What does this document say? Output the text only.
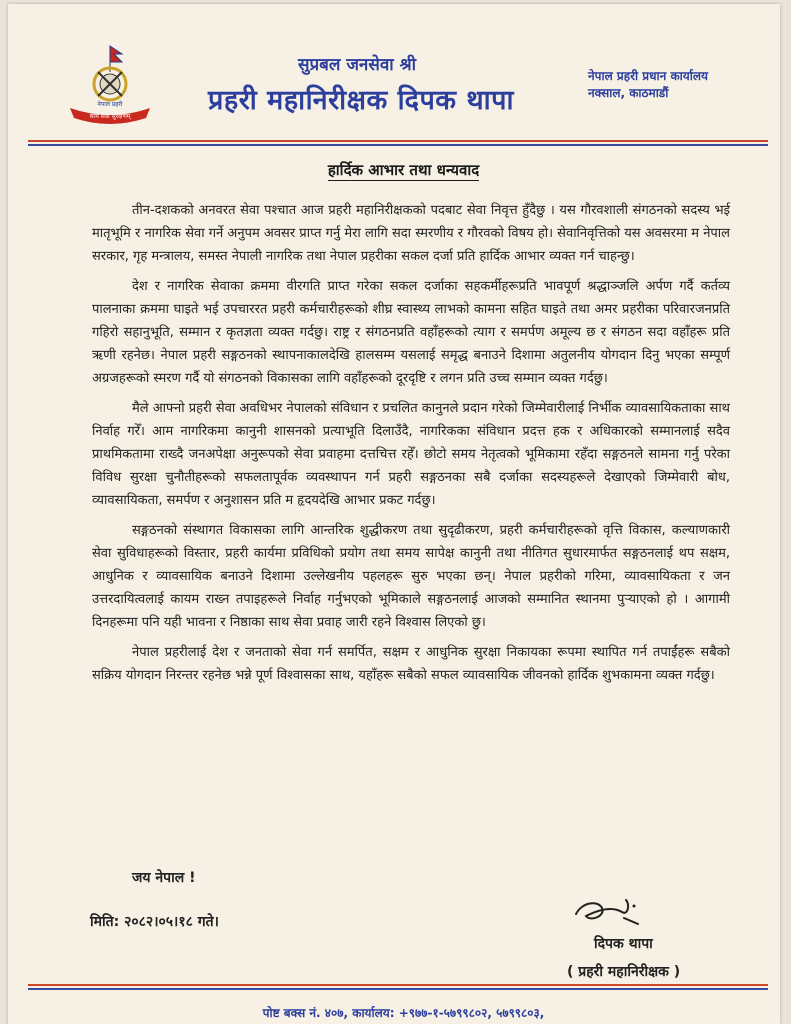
नेपाल प्रहरी
सत्य सेवा सुरक्षणम्
सुप्रबल जनसेवा श्री
प्रहरी महानिरीक्षक दिपक थापा
नेपाल प्रहरी प्रधान कार्यालय
नक्साल, काठमाडौं
हार्दिक आभार तथा धन्यवाद

तीन-दशकको अनवरत सेवा पश्चात आज प्रहरी महानिरीक्षकको पदबाट सेवा निवृत्त हुँदैछु । यस गौरवशाली संगठनको सदस्य भई मातृभूमि र नागरिक सेवा गर्ने अनुपम अवसर प्राप्त गर्नु मेरा लागि सदा स्मरणीय र गौरवको विषय हो। सेवानिवृत्तिको यस अवसरमा म नेपाल सरकार, गृह मन्त्रालय, समस्त नेपाली नागरिक तथा नेपाल प्रहरीका सकल दर्जा प्रति हार्दिक आभार व्यक्त गर्न चाहन्छु।

देश र नागरिक सेवाका क्रममा वीरगति प्राप्त गरेका सकल दर्जाका सहकर्मीहरूप्रति भावपूर्ण श्रद्धाञ्जलि अर्पण गर्दै कर्तव्य पालनाका क्रममा घाइते भई उपचाररत प्रहरी कर्मचारीहरूको शीघ्र स्वास्थ्य लाभको कामना सहित घाइते तथा अमर प्रहरीका परिवारजनप्रति गहिरो सहानुभूति, सम्मान र कृतज्ञता व्यक्त गर्दछु। राष्ट्र र संगठनप्रति वहाँहरूको त्याग र समर्पण अमूल्य छ र संगठन सदा वहाँहरू प्रति ऋणी रहनेछ। नेपाल प्रहरी सङ्गठनको स्थापनाकालदेखि हालसम्म यसलाई समृद्ध बनाउने दिशामा अतुलनीय योगदान दिनु भएका सम्पूर्ण अग्रजहरूको स्मरण गर्दै यो संगठनको विकासका लागि वहाँहरूको दूरदृष्टि र लगन प्रति उच्च सम्मान व्यक्त गर्दछु।

मैले आफ्नो प्रहरी सेवा अवधिभर नेपालको संविधान र प्रचलित कानुनले प्रदान गरेको जिम्मेवारीलाई निर्भीक व्यावसायिकताका साथ निर्वाह गरेँ। आम नागरिकमा कानुनी शासनको प्रत्याभूति दिलाउँदै, नागरिकका संविधान प्रदत्त हक र अधिकारको सम्मानलाई सदैव प्राथमिकतामा राख्दै जनअपेक्षा अनुरूपको सेवा प्रवाहमा दत्तचित्त रहेँ। छोटो समय नेतृत्वको भूमिकामा रहँदा सङ्गठनले सामना गर्नु परेका विविध सुरक्षा चुनौतीहरूको सफलतापूर्वक व्यवस्थापन गर्न प्रहरी सङ्गठनका सबै दर्जाका सदस्यहरूले देखाएको जिम्मेवारी बोध, व्यावसायिकता, समर्पण र अनुशासन प्रति म हृदयदेखि आभार प्रकट गर्दछु।

सङ्गठनको संस्थागत विकासका लागि आन्तरिक शुद्धीकरण तथा सुदृढीकरण, प्रहरी कर्मचारीहरूको वृत्ति विकास, कल्याणकारी सेवा सुविधाहरूको विस्तार, प्रहरी कार्यमा प्रविधिको प्रयोग तथा समय सापेक्ष कानुनी तथा नीतिगत सुधारमार्फत सङ्गठनलाई थप सक्षम, आधुनिक र व्यावसायिक बनाउने दिशामा उल्लेखनीय पहलहरू सुरु भएका छन्। नेपाल प्रहरीको गरिमा, व्यावसायिकता र जन उत्तरदायित्वलाई कायम राख्न तपाइहरूले निर्वाह गर्नुभएको भूमिकाले सङ्गठनलाई आजको सम्मानित स्थानमा पुऱ्याएको हो । आगामी दिनहरूमा पनि यही भावना र निष्ठाका साथ सेवा प्रवाह जारी रहने विश्वास लिएको छु।

नेपाल प्रहरीलाई देश र जनताको सेवा गर्न समर्पित, सक्षम र आधुनिक सुरक्षा निकायका रूपमा स्थापित गर्न तपाईंहरू सबैको सक्रिय योगदान निरन्तर रहनेछ भन्ने पूर्ण विश्वासका साथ, यहाँहरू सबैको सफल व्यावसायिक जीवनको हार्दिक शुभकामना व्यक्त गर्दछु।

जय नेपाल !
मिति: २०८२।०५।१८ गते।
दिपक थापा
( प्रहरी महानिरीक्षक )
पोष्ट बक्स नं. ४०७, कार्यालय: +९७७-१-५७९९८०२, ५७९९८०३,
